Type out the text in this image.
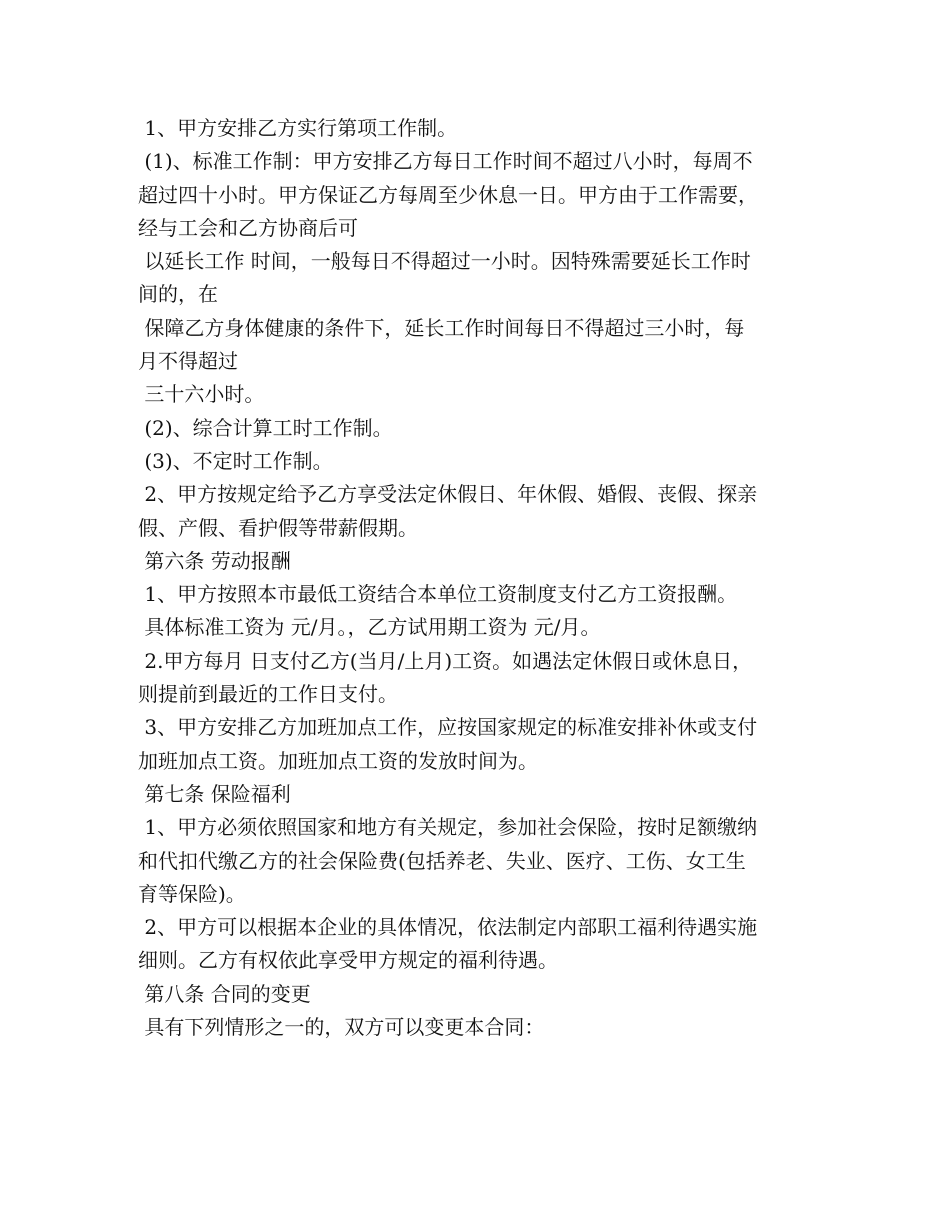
1、甲方安排乙方实行第项工作制。
(1)、标准工作制：甲方安排乙方每日工作时间不超过八小时，每周不
超过四十小时。甲方保证乙方每周至少休息一日。甲方由于工作需要，
经与工会和乙方协商后可
以延长工作 时间，一般每日不得超过一小时。因特殊需要延长工作时
间的，在
保障乙方身体健康的条件下，延长工作时间每日不得超过三小时，每
月不得超过
三十六小时。
(2)、综合计算工时工作制。
(3)、不定时工作制。
2、甲方按规定给予乙方享受法定休假日、年休假、婚假、丧假、探亲
假、产假、看护假等带薪假期。
第六条 劳动报酬
1、甲方按照本市最低工资结合本单位工资制度支付乙方工资报酬。
具体标准工资为 元/月。，乙方试用期工资为 元/月。
2.甲方每月 日支付乙方(当月/上月)工资。如遇法定休假日或休息日，
则提前到最近的工作日支付。
3、甲方安排乙方加班加点工作，应按国家规定的标准安排补休或支付
加班加点工资。加班加点工资的发放时间为。
第七条 保险福利
1、甲方必须依照国家和地方有关规定，参加社会保险，按时足额缴纳
和代扣代缴乙方的社会保险费(包括养老、失业、医疗、工伤、女工生
育等保险)。
2、甲方可以根据本企业的具体情况，依法制定内部职工福利待遇实施
细则。乙方有权依此享受甲方规定的福利待遇。
第八条 合同的变更
具有下列情形之一的，双方可以变更本合同：
